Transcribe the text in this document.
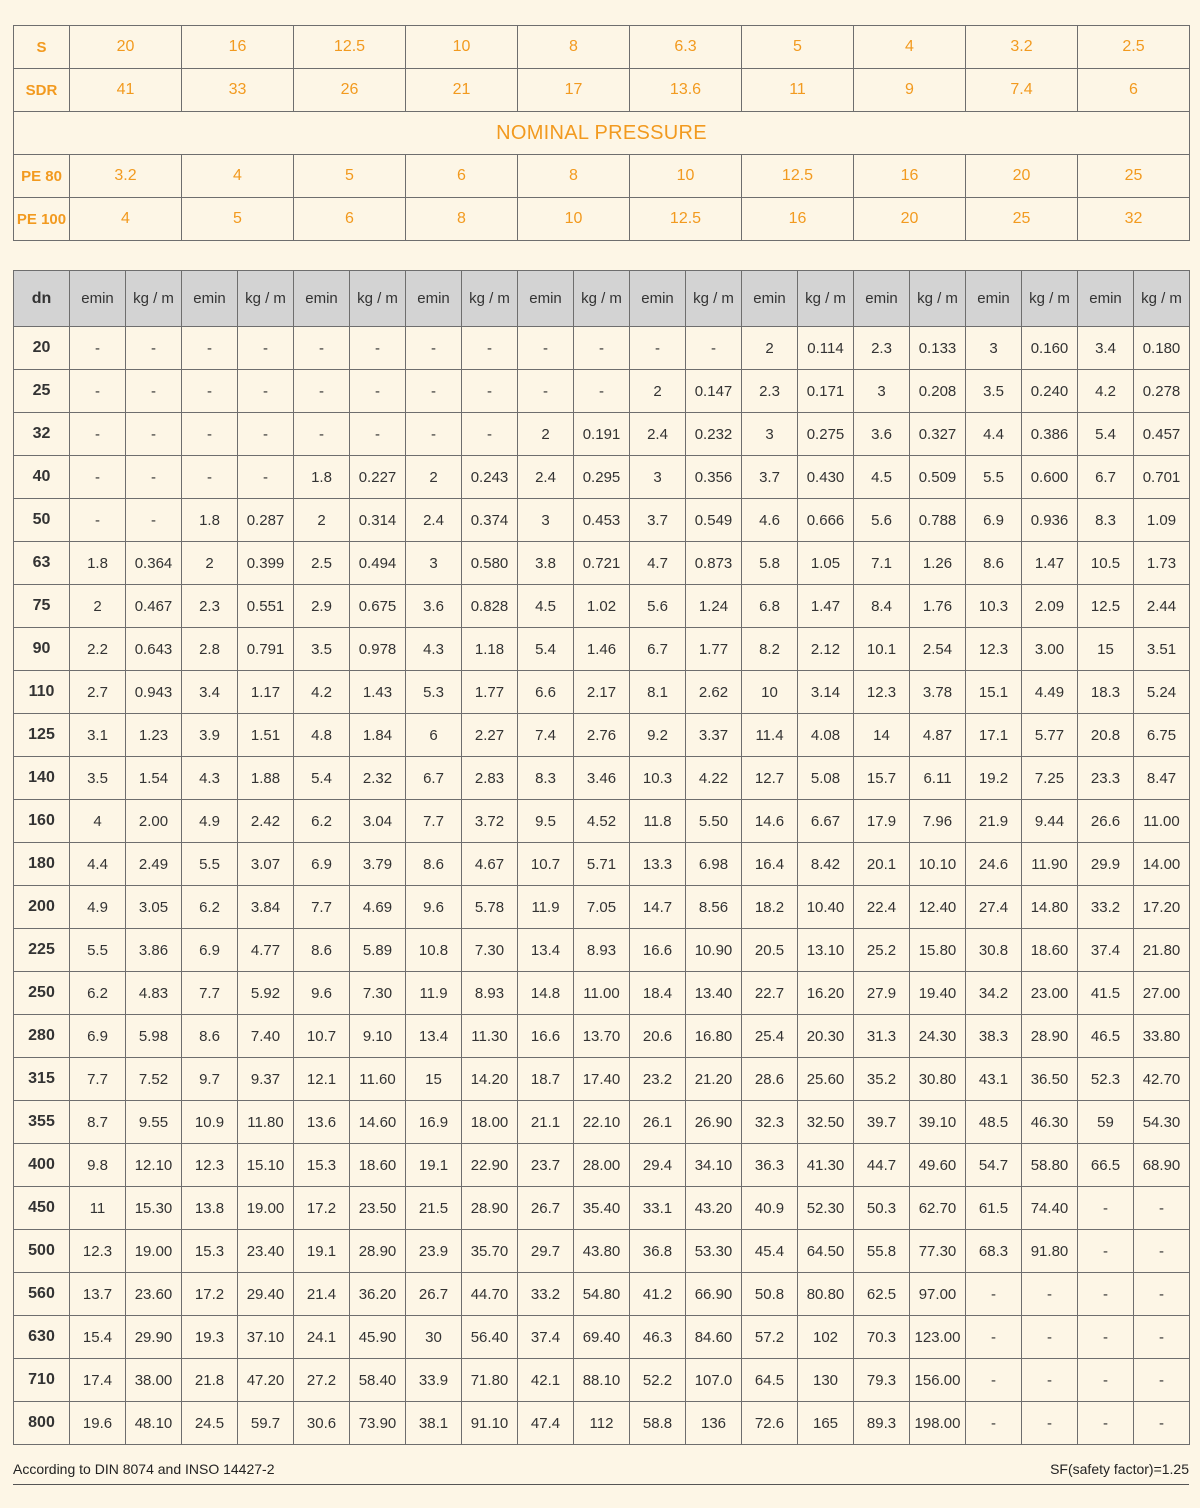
S	20	16	12.5	10	8	6.3	5	4	3.2	2.5
SDR	41	33	26	21	17	13.6	11	9	7.4	6
NOMINAL PRESSURE										
PE 80	3.2	4	5	6	8	10	12.5	16	20	25
PE 100	4	5	6	8	10	12.5	16	20	25	32
dn	emin	kg / m	emin	kg / m	emin	kg / m	emin	kg / m	emin	kg / m	emin	kg / m	emin	kg / m	emin	kg / m	emin	kg / m	emin	kg / m
20	-	-	-	-	-	-	-	-	-	-	-	-	2	0.114	2.3	0.133	3	0.160	3.4	0.180
25	-	-	-	-	-	-	-	-	-	-	2	0.147	2.3	0.171	3	0.208	3.5	0.240	4.2	0.278
32	-	-	-	-	-	-	-	-	2	0.191	2.4	0.232	3	0.275	3.6	0.327	4.4	0.386	5.4	0.457
40	-	-	-	-	1.8	0.227	2	0.243	2.4	0.295	3	0.356	3.7	0.430	4.5	0.509	5.5	0.600	6.7	0.701
50	-	-	1.8	0.287	2	0.314	2.4	0.374	3	0.453	3.7	0.549	4.6	0.666	5.6	0.788	6.9	0.936	8.3	1.09
63	1.8	0.364	2	0.399	2.5	0.494	3	0.580	3.8	0.721	4.7	0.873	5.8	1.05	7.1	1.26	8.6	1.47	10.5	1.73
75	2	0.467	2.3	0.551	2.9	0.675	3.6	0.828	4.5	1.02	5.6	1.24	6.8	1.47	8.4	1.76	10.3	2.09	12.5	2.44
90	2.2	0.643	2.8	0.791	3.5	0.978	4.3	1.18	5.4	1.46	6.7	1.77	8.2	2.12	10.1	2.54	12.3	3.00	15	3.51
110	2.7	0.943	3.4	1.17	4.2	1.43	5.3	1.77	6.6	2.17	8.1	2.62	10	3.14	12.3	3.78	15.1	4.49	18.3	5.24
125	3.1	1.23	3.9	1.51	4.8	1.84	6	2.27	7.4	2.76	9.2	3.37	11.4	4.08	14	4.87	17.1	5.77	20.8	6.75
140	3.5	1.54	4.3	1.88	5.4	2.32	6.7	2.83	8.3	3.46	10.3	4.22	12.7	5.08	15.7	6.11	19.2	7.25	23.3	8.47
160	4	2.00	4.9	2.42	6.2	3.04	7.7	3.72	9.5	4.52	11.8	5.50	14.6	6.67	17.9	7.96	21.9	9.44	26.6	11.00
180	4.4	2.49	5.5	3.07	6.9	3.79	8.6	4.67	10.7	5.71	13.3	6.98	16.4	8.42	20.1	10.10	24.6	11.90	29.9	14.00
200	4.9	3.05	6.2	3.84	7.7	4.69	9.6	5.78	11.9	7.05	14.7	8.56	18.2	10.40	22.4	12.40	27.4	14.80	33.2	17.20
225	5.5	3.86	6.9	4.77	8.6	5.89	10.8	7.30	13.4	8.93	16.6	10.90	20.5	13.10	25.2	15.80	30.8	18.60	37.4	21.80
250	6.2	4.83	7.7	5.92	9.6	7.30	11.9	8.93	14.8	11.00	18.4	13.40	22.7	16.20	27.9	19.40	34.2	23.00	41.5	27.00
280	6.9	5.98	8.6	7.40	10.7	9.10	13.4	11.30	16.6	13.70	20.6	16.80	25.4	20.30	31.3	24.30	38.3	28.90	46.5	33.80
315	7.7	7.52	9.7	9.37	12.1	11.60	15	14.20	18.7	17.40	23.2	21.20	28.6	25.60	35.2	30.80	43.1	36.50	52.3	42.70
355	8.7	9.55	10.9	11.80	13.6	14.60	16.9	18.00	21.1	22.10	26.1	26.90	32.3	32.50	39.7	39.10	48.5	46.30	59	54.30
400	9.8	12.10	12.3	15.10	15.3	18.60	19.1	22.90	23.7	28.00	29.4	34.10	36.3	41.30	44.7	49.60	54.7	58.80	66.5	68.90
450	11	15.30	13.8	19.00	17.2	23.50	21.5	28.90	26.7	35.40	33.1	43.20	40.9	52.30	50.3	62.70	61.5	74.40	-	-
500	12.3	19.00	15.3	23.40	19.1	28.90	23.9	35.70	29.7	43.80	36.8	53.30	45.4	64.50	55.8	77.30	68.3	91.80	-	-
560	13.7	23.60	17.2	29.40	21.4	36.20	26.7	44.70	33.2	54.80	41.2	66.90	50.8	80.80	62.5	97.00	-	-	-	-
630	15.4	29.90	19.3	37.10	24.1	45.90	30	56.40	37.4	69.40	46.3	84.60	57.2	102	70.3	123.00	-	-	-	-
710	17.4	38.00	21.8	47.20	27.2	58.40	33.9	71.80	42.1	88.10	52.2	107.0	64.5	130	79.3	156.00	-	-	-	-
800	19.6	48.10	24.5	59.7	30.6	73.90	38.1	91.10	47.4	112	58.8	136	72.6	165	89.3	198.00	-	-	-	-
According to DIN 8074 and INSO 14427-2	SF(safety factor)=1.25
